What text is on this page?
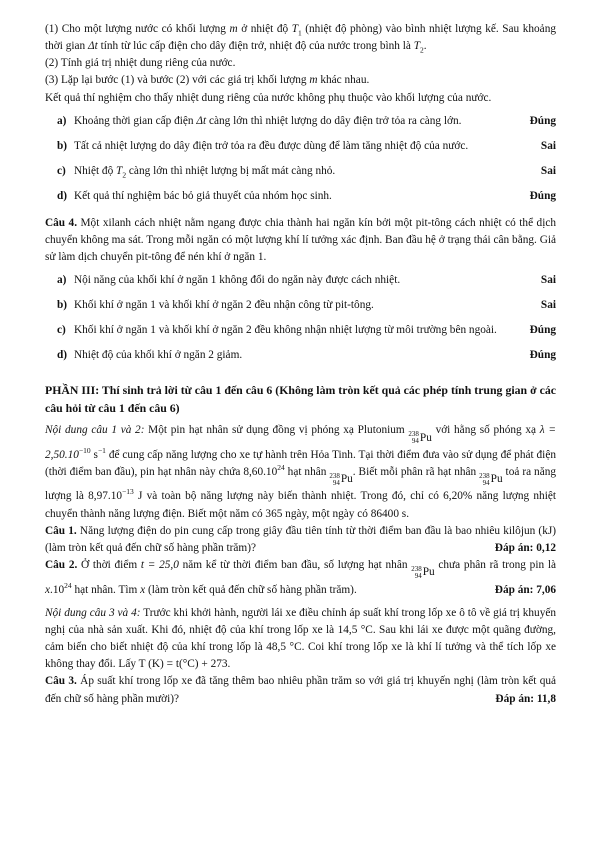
(1) Cho một lượng nước có khối lượng m ở nhiệt độ $T_1$ (nhiệt độ phòng) vào bình nhiệt lượng kế. Sau khoảng thời gian Δt tính từ lúc cấp điện cho dây điện trở, nhiệt độ của nước trong bình là $T_2$.

(2) Tính giá trị nhiệt dung riêng của nước.

(3) Lặp lại bước (1) và bước (2) với các giá trị khối lượng m khác nhau.

Kết quả thí nghiệm cho thấy nhiệt dung riêng của nước không phụ thuộc vào khối lượng của nước.

a) Khoảng thời gian cấp điện Δt càng lớn thì nhiệt lượng do dây điện trở tỏa ra càng lớn.	Đúng
b) Tất cả nhiệt lượng do dây điện trở tỏa ra đều được dùng để làm tăng nhiệt độ của nước.	Sai
c) Nhiệt độ $T_2$ càng lớn thì nhiệt lượng bị mất mát càng nhỏ.	Sai
d) Kết quả thí nghiệm bác bỏ giả thuyết của nhóm học sinh.	Đúng

Câu 4. Một xilanh cách nhiệt nằm ngang được chia thành hai ngăn kín bởi một pit-tông cách nhiệt có thể dịch chuyển không ma sát. Trong mỗi ngăn có một lượng khí lí tưởng xác định. Ban đầu hệ ở trạng thái cân bằng. Giả sử làm dịch chuyển pit-tông để nén khí ở ngăn 1.

a) Nội năng của khối khí ở ngăn 1 không đổi do ngăn này được cách nhiệt.	Sai
b) Khối khí ở ngăn 1 và khối khí ở ngăn 2 đều nhận công từ pit-tông.	Sai
c) Khối khí ở ngăn 1 và khối khí ở ngăn 2 đều không nhận nhiệt lượng từ môi trường bên ngoài.	Đúng
d) Nhiệt độ của khối khí ở ngăn 2 giảm.	Đúng

PHẦN III: Thí sinh trả lời từ câu 1 đến câu 6 (Không làm tròn kết quả các phép tính trung gian ở các câu hỏi từ câu 1 đến câu 6)

Nội dung câu 1 và 2: Một pin hạt nhân sử dụng đồng vị phóng xạ Plutonium 238
94 Pu
với hằng số phóng xạ $\lambda = 2,50.10^{-10}$ $s^{-1}$ để cung cấp năng lượng cho xe tự hành trên Hỏa Tinh. Tại thời điểm đưa vào sử dụng để phát điện (thời điểm ban đầu), pin hạt nhân này chứa 8,60.10$^{24}$ hạt nhân 238
94 Pu
. Biết mỗi phân rã hạt nhân 238
94 Pu
toả ra năng lượng là $8,97.10^{-13}$ J và toàn bộ năng lượng này biến thành nhiệt. Trong đó, chỉ có 6,20% năng lượng nhiệt chuyển thành năng lượng điện. Biết một năm có 365 ngày, một ngày có 86400 s.

Câu 1. Năng lượng điện do pin cung cấp trong giây đầu tiên tính từ thời điểm ban đầu là bao nhiêu kilôjun (kJ) (làm tròn kết quả đến chữ số hàng phần trăm)?	Đáp án: 0,12

Câu 2. Ở thời điểm t = 25,0 năm kể từ thời điểm ban đầu, số lượng hạt nhân 238
94 Pu
chưa phân rã trong pin là $x.10^{24}$ hạt nhân. Tìm x (làm tròn kết quả đến chữ số hàng phần trăm).	Đáp án: 7,06

Nội dung câu 3 và 4: Trước khi khởi hành, người lái xe điều chỉnh áp suất khí trong lốp xe ô tô về giá trị khuyến nghị của nhà sản xuất. Khi đó, nhiệt độ của khí trong lốp xe là 14,5 °C. Sau khi lái xe được một quãng đường, cảm biến cho biết nhiệt độ của khí trong lốp là 48,5 °C. Coi khí trong lốp xe là khí lí tưởng và thể tích lốp xe không thay đổi. Lấy T (K) = t(°C) + 273.

Câu 3. Áp suất khí trong lốp xe đã tăng thêm bao nhiêu phần trăm so với giá trị khuyến nghị (làm tròn kết quả đến chữ số hàng phần mười)?	Đáp án: 11,8
